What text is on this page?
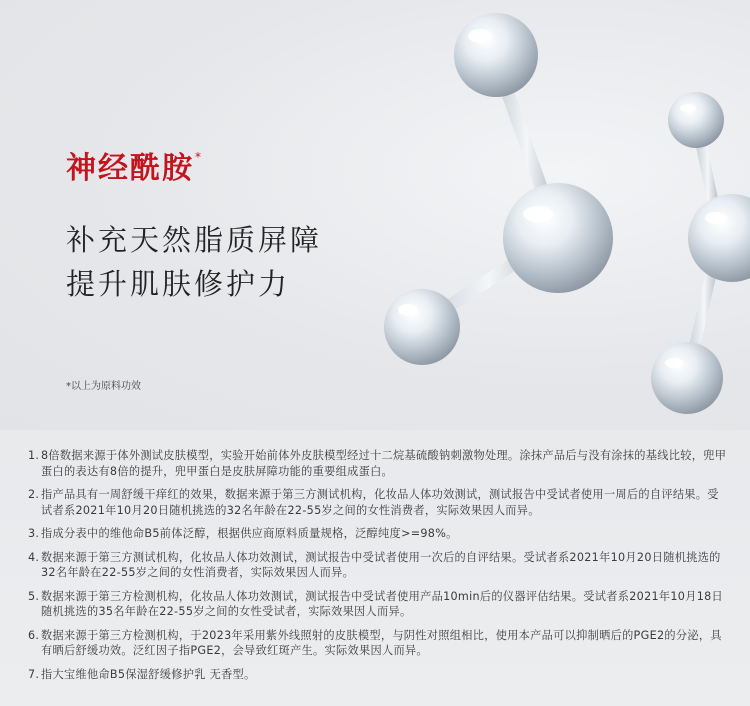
神经酰胺*
补充天然脂质屏障
提升肌肤修护力
*以上为原料功效
1. 8倍数据来源于体外测试皮肤模型，实验开始前体外皮肤模型经过十二烷基硫酸钠刺激物处理。涂抹产品后与没有涂抹的基线比较，兜甲蛋白的表达有8倍的提升，兜甲蛋白是皮肤屏障功能的重要组成蛋白。
2. 指产品具有一周舒缓干痒红的效果，数据来源于第三方测试机构，化妆品人体功效测试，测试报告中受试者使用一周后的自评结果。受试者系2021年10月20日随机挑选的32名年龄在22-55岁之间的女性消费者，实际效果因人而异。
3. 指成分表中的维他命B5前体泛醇，根据供应商原料质量规格，泛醇纯度>=98%。
4. 数据来源于第三方测试机构，化妆品人体功效测试，测试报告中受试者使用一次后的自评结果。受试者系2021年10月20日随机挑选的32名年龄在22-55岁之间的女性消费者，实际效果因人而异。
5. 数据来源于第三方检测机构，化妆品人体功效测试，测试报告中受试者使用产品10min后的仪器评估结果。受试者系2021年10月18日随机挑选的35名年龄在22-55岁之间的女性受试者，实际效果因人而异。
6. 数据来源于第三方检测机构，于2023年采用紫外线照射的皮肤模型，与阴性对照组相比，使用本产品可以抑制晒后的PGE2的分泌，具有晒后舒缓功效。泛红因子指PGE2，会导致红斑产生。实际效果因人而异。
7. 指大宝维他命B5保湿舒缓修护乳 无香型。
